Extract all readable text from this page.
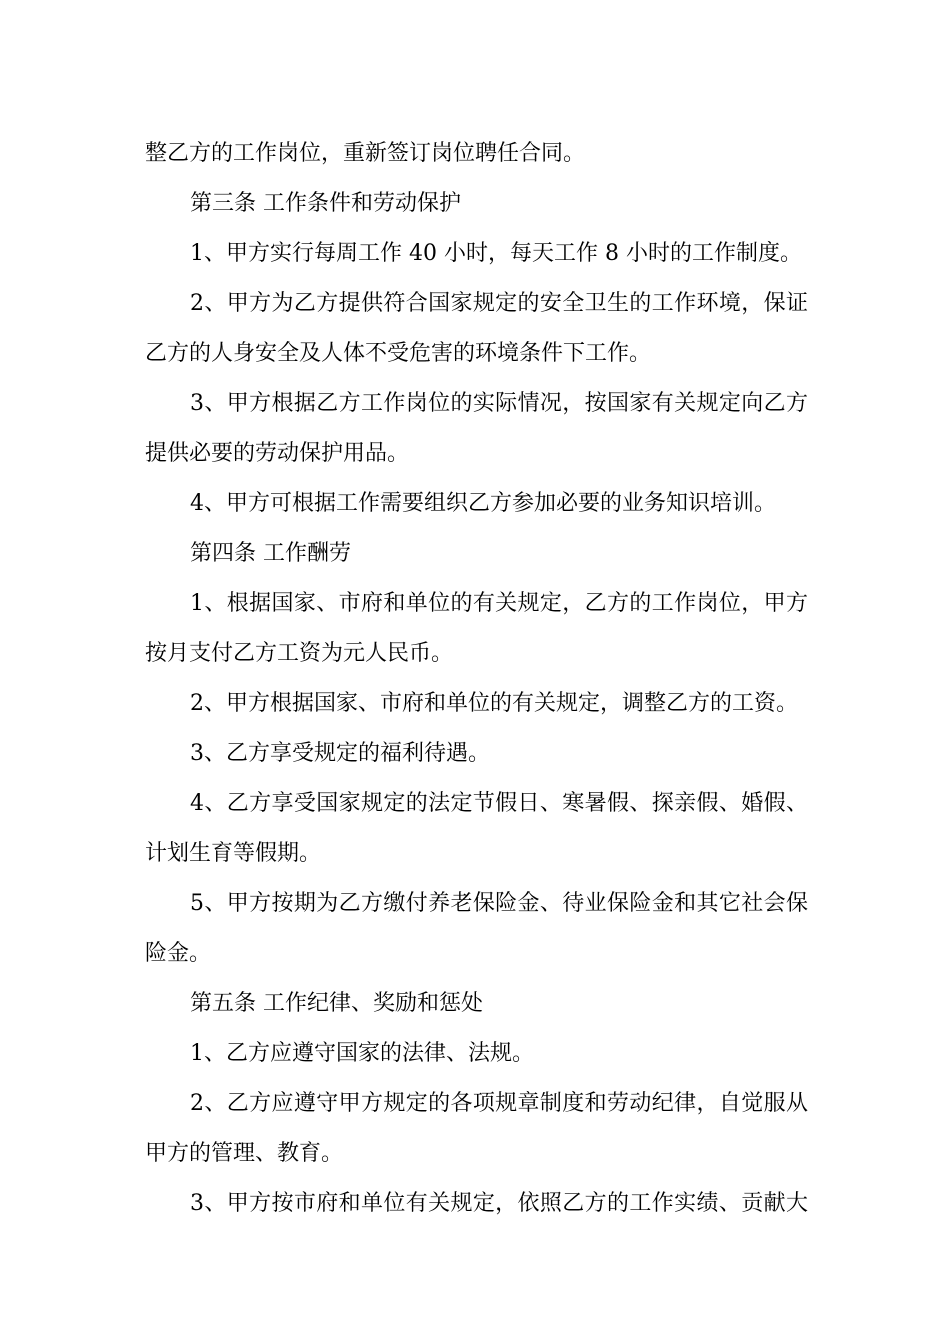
整乙方的工作岗位，重新签订岗位聘任合同。

第三条 工作条件和劳动保护

1、甲方实行每周工作 40 小时，每天工作 8 小时的工作制度。

2、甲方为乙方提供符合国家规定的安全卫生的工作环境，保证

乙方的人身安全及人体不受危害的环境条件下工作。

3、甲方根据乙方工作岗位的实际情况，按国家有关规定向乙方

提供必要的劳动保护用品。

4、甲方可根据工作需要组织乙方参加必要的业务知识培训。

第四条 工作酬劳

1、根据国家、市府和单位的有关规定，乙方的工作岗位，甲方

按月支付乙方工资为元人民币。

2、甲方根据国家、市府和单位的有关规定，调整乙方的工资。

3、乙方享受规定的福利待遇。

4、乙方享受国家规定的法定节假日、寒暑假、探亲假、婚假、

计划生育等假期。

5、甲方按期为乙方缴付养老保险金、待业保险金和其它社会保

险金。

第五条 工作纪律、奖励和惩处

1、乙方应遵守国家的法律、法规。

2、乙方应遵守甲方规定的各项规章制度和劳动纪律，自觉服从

甲方的管理、教育。

3、甲方按市府和单位有关规定，依照乙方的工作实绩、贡献大
